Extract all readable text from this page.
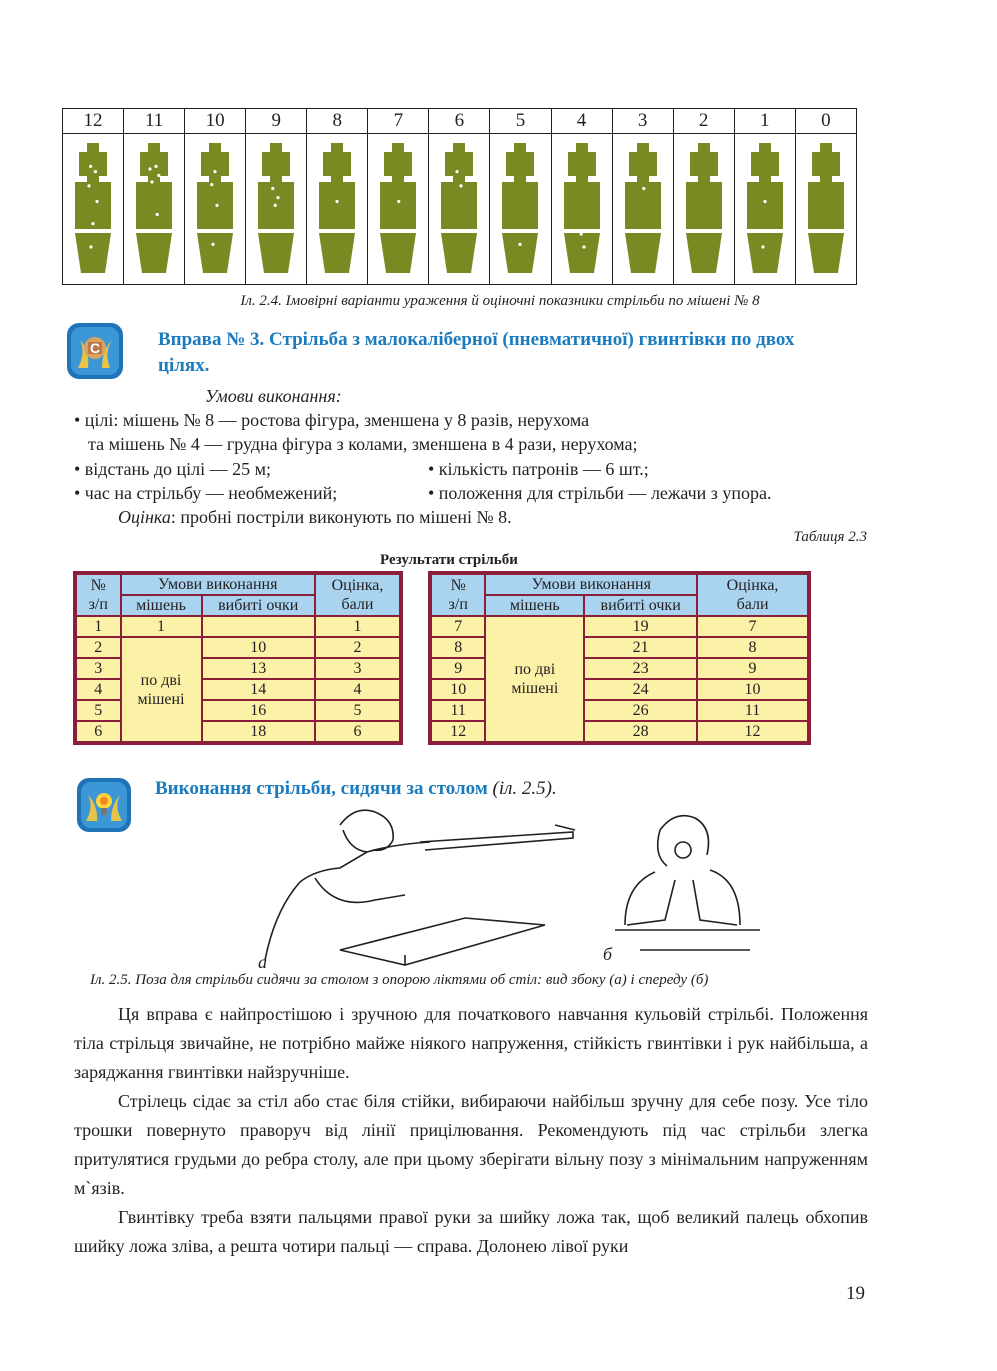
12	11	10	9	8	7	6	5	4	3	2	1	0

Іл. 2.4. Імовірні варіанти ураження й оціночні показники стрільби по мішені № 8
С	Вправа № 3. Стрільба з малокаліберної (пневматичної) гвинтівки по двох
цілях.
Умови виконання:
• цілі: мішень № 8 — ростова фігура, зменшена у 8 разів, нерухома
та мішень № 4 — грудна фігура з колами, зменшена в 4 рази, нерухома;
• відстань до цілі — 25 м;	• кількість патронів — 6 шт.;
• час на стрільбу — необмежений;	• положення для стрільби — лежачи з упора.
Оцінка: пробні постріли виконують по мішені № 8.
Таблиця 2.3
Результати стрільби
№
з/п	Умови виконання		Оцінка,
бали
	мішень	вибиті очки	
1	1		1
2	по дві
мішені	10	2
3		13	3
4		14	4
5		16	5
6		18	6
№
з/п	Умови виконання		Оцінка,
бали
	мішень	вибиті очки	
7	по дві
мішені	19	7
8		21	8
9		23	9
10		24	10
11		26	11
12		28	12
Виконання стрільби, сидячи за столом (іл. 2.5).
а	б
Іл. 2.5. Поза для стрільби сидячи за столом з опорою ліктями об стіл: вид збоку (а) і спереду (б)

Ця вправа є найпростішою і зручною для початкового навчання кульовій стрільбі. Положення тіла стрільця звичайне, не потрібно майже ніякого напруження, стійкість гвинтівки і рук найбільша, а заряджання гвинтівки найзручніше.

Стрілець сідає за стіл або стає біля стійки, вибираючи найбільш зручну для себе позу. Усе тіло трошки повернуто праворуч від лінії прицілювання. Рекомендують під час стрільби злегка притулятися грудьми до ребра столу, але при цьому зберігати вільну позу з мінімальним напруженням м`язів.

Гвинтівку треба взяти пальцями правої руки за шийку ложа так, щоб великий палець обхопив шийку ложа зліва, а решта чотири пальці — справа. Долонею лівої руки

19
